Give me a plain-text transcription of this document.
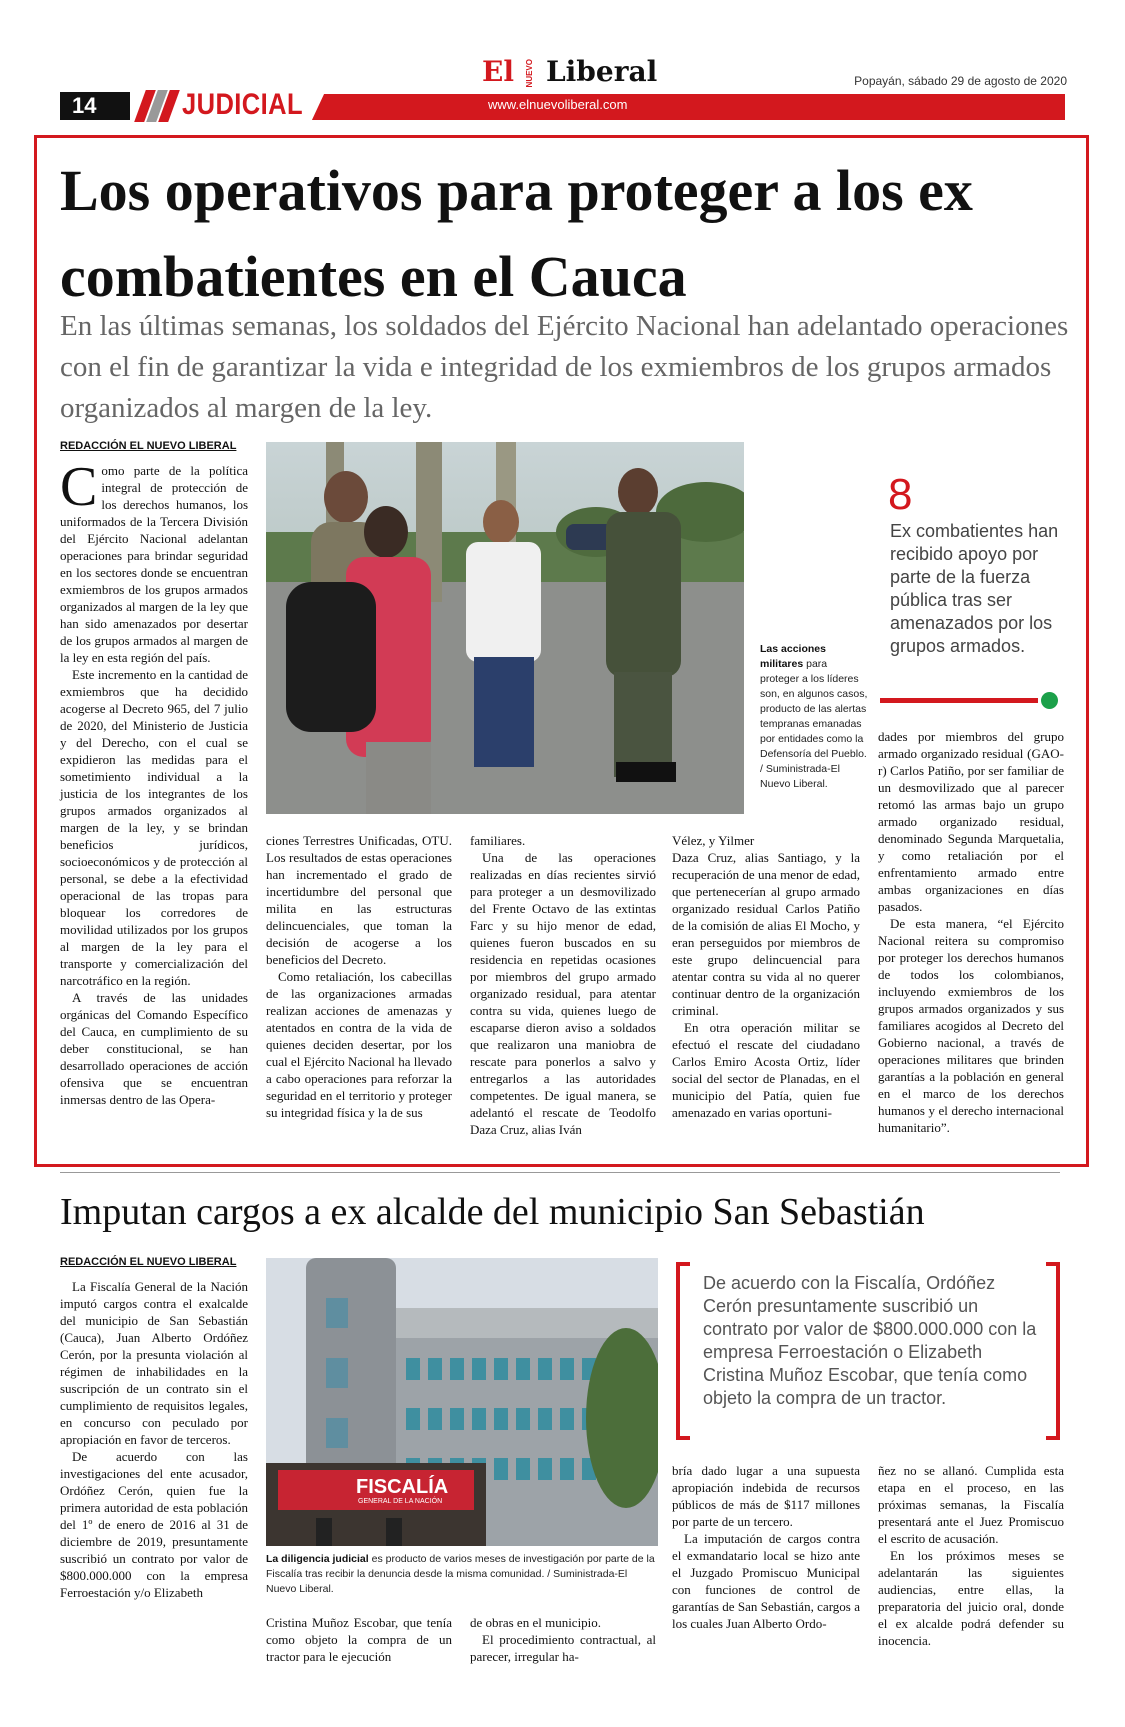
14	JUDICIAL	www.elnuevoliberal.com
El NUEVO Liberal	Popayán, sábado 29 de agosto de 2020
Los operativos para proteger a los ex combatientes en el Cauca
En las últimas semanas, los soldados del Ejército Nacional han adelantado operaciones con el fin de garantizar la vida e integridad de los exmiembros de los grupos armados organizados al margen de la ley.
REDACCIÓN EL NUEVO LIBERAL

Como parte de la política integral de protección de los derechos humanos, los uniformados de la Tercera División del Ejército Nacional adelantan operaciones para brindar seguridad en los sectores donde se encuentran exmiembros de los grupos armados organizados al margen de la ley que han sido amenazados por desertar de los grupos armados al margen de la ley en esta región del país.

Este incremento en la cantidad de exmiembros que ha decidido acogerse al Decreto 965, del 7 julio de 2020, del Ministerio de Justicia y del Derecho, con el cual se expidieron las medidas para el sometimiento individual a la justicia de los integrantes de los grupos armados organizados al margen de la ley, y se brindan beneficios jurídicos, socioeconómicos y de protección al personal, se debe a la efectividad operacional de las tropas para bloquear los corredores de movilidad utilizados por los grupos al margen de la ley para el transporte y comercialización del narcotráfico en la región.

A través de las unidades orgánicas del Comando Específico del Cauca, en cumplimiento de su deber constitucional, se han desarrollado operaciones de acción ofensiva que se encuentran inmersas dentro de las Opera-

Las acciones militares para proteger a los líderes son, en algunos casos, producto de las alertas tempranas emanadas por entidades como la Defensoría del Pueblo. / Suministrada-El Nuevo Liberal.
8
Ex combatientes han recibido apoyo por parte de la fuerza pública tras ser amenazados por los grupos armados.

ciones Terrestres Unificadas, OTU. Los resultados de estas operaciones han incrementado el grado de incertidumbre del personal que milita en las estructuras delincuenciales, que toman la decisión de acogerse a los beneficios del Decreto.

Como retaliación, los cabecillas de las organizaciones armadas realizan acciones de amenazas y atentados en contra de la vida de quienes deciden desertar, por los cual el Ejército Nacional ha llevado a cabo operaciones para reforzar la seguridad en el territorio y proteger su integridad física y la de sus

familiares.

Una de las operaciones realizadas en días recientes sirvió para proteger a un desmovilizado del Frente Octavo de las extintas Farc y su hijo menor de edad, quienes fueron buscados en su residencia en repetidas ocasiones por miembros del grupo armado organizado residual, para atentar contra su vida, quienes luego de escaparse dieron aviso a soldados que realizaron una maniobra de rescate para ponerlos a salvo y entregarlos a las autoridades competentes. De igual manera, se adelantó el rescate de Teodolfo Daza Cruz, alias Iván

Vélez, y Yilmer

Daza Cruz, alias Santiago, y la recuperación de una menor de edad, que pertenecerían al grupo armado organizado residual Carlos Patiño de la comisión de alias El Mocho, y eran perseguidos por miembros de este grupo delincuencial para atentar contra su vida al no querer continuar dentro de la organización criminal.

En otra operación militar se efectuó el rescate del ciudadano Carlos Emiro Acosta Ortiz, líder social del sector de Planadas, en el municipio del Patía, quien fue amenazado en varias oportuni-

dades por miembros del grupo armado organizado residual (GAO-r) Carlos Patiño, por ser familiar de un desmovilizado que al parecer retomó las armas bajo un grupo armado organizado residual, denominado Segunda Marquetalia, y como retaliación por el enfrentamiento armado entre ambas organizaciones en días pasados.

De esta manera, “el Ejército Nacional reitera su compromiso por proteger los derechos humanos de todos los colombianos, incluyendo exmiembros de los grupos armados organizados y sus familiares acogidos al Decreto del Gobierno nacional, a través de operaciones militares que brinden garantías a la población en general en el marco de los derechos humanos y el derecho internacional humanitario”.

Imputan cargos a ex alcalde del municipio San Sebastián
REDACCIÓN EL NUEVO LIBERAL

La Fiscalía General de la Nación imputó cargos contra el exalcalde del municipio de San Sebastián (Cauca), Juan Alberto Ordóñez Cerón, por la presunta violación al régimen de inhabilidades en la suscripción de un contrato sin el cumplimiento de requisitos legales, en concurso con peculado por apropiación en favor de terceros.

De acuerdo con las investigaciones del ente acusador, Ordóñez Cerón, quien fue la primera autoridad de esta población del 1º de enero de 2016 al 31 de diciembre de 2019, presuntamente suscribió un contrato por valor de $800.000.000 con la empresa Ferroestación y/o Elizabeth

FISCALÍA
GENERAL DE LA NACIÓN
La diligencia judicial es producto de varios meses de investigación por parte de la Fiscalía tras recibir la denuncia desde la misma comunidad. / Suministrada-El Nuevo Liberal.
De acuerdo con la Fiscalía, Ordóñez Cerón presuntamente suscribió un contrato por valor de $800.000.000 con la empresa Ferroestación o Elizabeth Cristina Muñoz Escobar, que tenía como objeto la compra de un tractor.

Cristina Muñoz Escobar, que tenía como objeto la compra de un tractor para le ejecución

de obras en el municipio.

El procedimiento contractual, al parecer, irregular ha-

bría dado lugar a una supuesta apropiación indebida de recursos públicos de más de $117 millones por parte de un tercero.

La imputación de cargos contra el exmandatario local se hizo ante el Juzgado Promiscuo Municipal con funciones de control de garantías de San Sebastián, cargos a los cuales Juan Alberto Ordo-

ñez no se allanó. Cumplida esta etapa en el proceso, en las próximas semanas, la Fiscalía presentará ante el Juez Promiscuo el escrito de acusación.

En los próximos meses se adelantarán las siguientes audiencias, entre ellas, la preparatoria del juicio oral, donde el ex alcalde podrá defender su inocencia.
